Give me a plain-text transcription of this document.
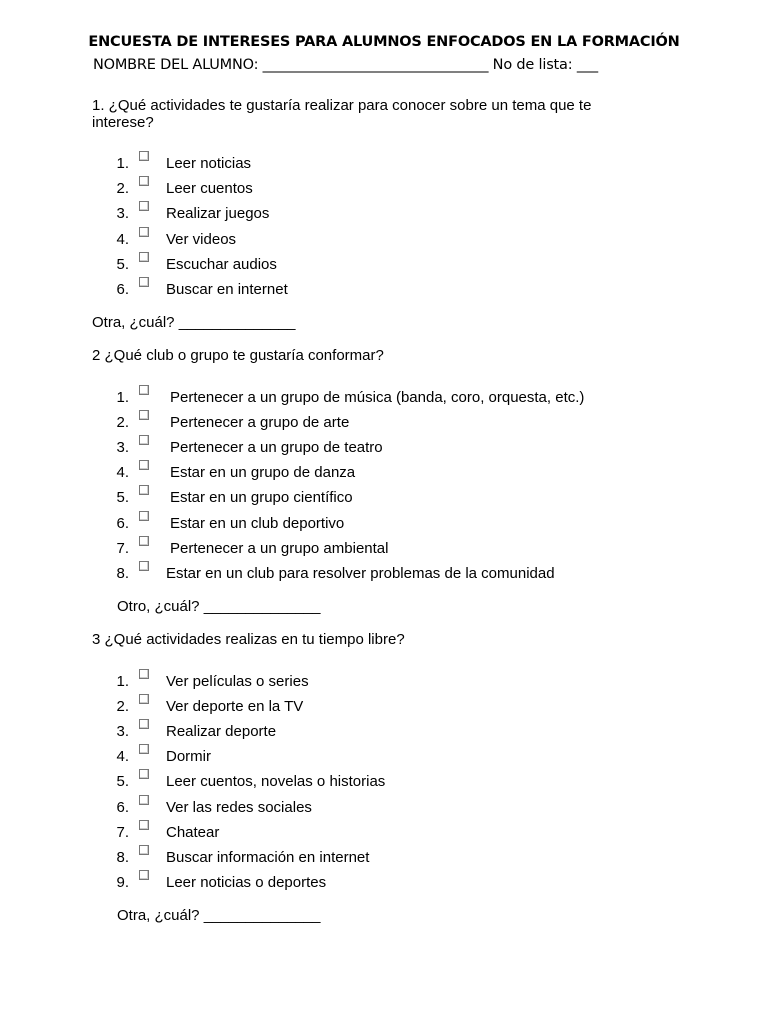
ENCUESTA DE INTERESES PARA ALUMNOS ENFOCADOS EN LA FORMACIÓN
NOMBRE DEL ALUMNO: ________________________________ No de lista: ___
1. ¿Qué actividades te gustaría realizar para conocer sobre un tema que te interese?
1. Leer noticias
2. Leer cuentos
3. Realizar juegos
4. Ver videos
5. Escuchar audios
6. Buscar en internet
Otra, ¿cuál? ______________
2 ¿Qué club o grupo te gustaría conformar?
1.	Pertenecer a un grupo de música (banda, coro, orquesta, etc.)
2.	Pertenecer a grupo de arte
3.	Pertenecer a un grupo de teatro
4.	Estar en un grupo de danza
5.	Estar en un grupo científico
6.	Estar en un club deportivo
7.	Pertenecer a un grupo ambiental
8. Estar en un club para resolver problemas de la comunidad
Otro, ¿cuál? ______________
3 ¿Qué actividades realizas en tu tiempo libre?
1. Ver películas o series
2. Ver deporte en la TV
3. Realizar deporte
4. Dormir
5. Leer cuentos, novelas o historias
6. Ver las redes sociales
7. Chatear
8. Buscar información en internet
9. Leer noticias o deportes
Otra, ¿cuál? ______________
